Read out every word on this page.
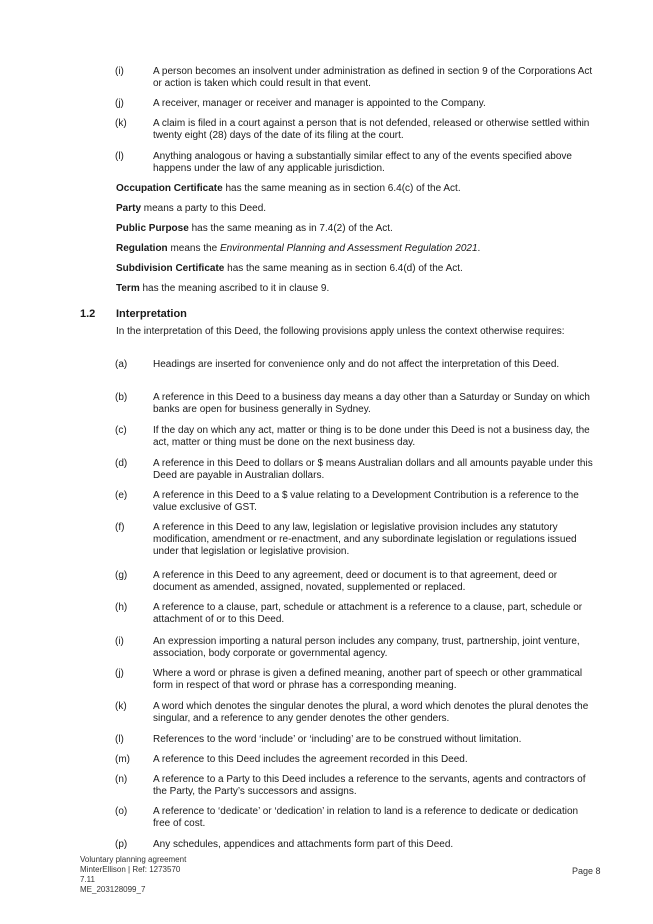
(i)	A person becomes an insolvent under administration as defined in section 9 of the Corporations Act or action is taken which could result in that event.
(j)	A receiver, manager or receiver and manager is appointed to the Company.
(k)	A claim is filed in a court against a person that is not defended, released or otherwise settled within twenty eight (28) days of the date of its filing at the court.
(l)	Anything analogous or having a substantially similar effect to any of the events specified above happens under the law of any applicable jurisdiction.
Occupation Certificate has the same meaning as in section 6.4(c) of the Act.
Party means a party to this Deed.
Public Purpose has the same meaning as in 7.4(2) of the Act.
Regulation means the Environmental Planning and Assessment Regulation 2021.
Subdivision Certificate has the same meaning as in section 6.4(d) of the Act.
Term has the meaning ascribed to it in clause 9.
1.2 Interpretation
In the interpretation of this Deed, the following provisions apply unless the context otherwise requires:
(a)	Headings are inserted for convenience only and do not affect the interpretation of this Deed.
(b)	A reference in this Deed to a business day means a day other than a Saturday or Sunday on which banks are open for business generally in Sydney.
(c)	If the day on which any act, matter or thing is to be done under this Deed is not a business day, the act, matter or thing must be done on the next business day.
(d)	A reference in this Deed to dollars or $ means Australian dollars and all amounts payable under this Deed are payable in Australian dollars.
(e)	A reference in this Deed to a $ value relating to a Development Contribution is a reference to the value exclusive of GST.
(f)	A reference in this Deed to any law, legislation or legislative provision includes any statutory modification, amendment or re-enactment, and any subordinate legislation or regulations issued under that legislation or legislative provision.
(g)	A reference in this Deed to any agreement, deed or document is to that agreement, deed or document as amended, assigned, novated, supplemented or replaced.
(h)	A reference to a clause, part, schedule or attachment is a reference to a clause, part, schedule or attachment of or to this Deed.
(i)	An expression importing a natural person includes any company, trust, partnership, joint venture, association, body corporate or governmental agency.
(j)	Where a word or phrase is given a defined meaning, another part of speech or other grammatical form in respect of that word or phrase has a corresponding meaning.
(k)	A word which denotes the singular denotes the plural, a word which denotes the plural denotes the singular, and a reference to any gender denotes the other genders.
(l)	References to the word ‘include’ or ‘including’ are to be construed without limitation.
(m)	A reference to this Deed includes the agreement recorded in this Deed.
(n)	A reference to a Party to this Deed includes a reference to the servants, agents and contractors of the Party, the Party’s successors and assigns.
(o)	A reference to ‘dedicate’ or ‘dedication’ in relation to land is a reference to dedicate or dedication free of cost.
(p)	Any schedules, appendices and attachments form part of this Deed.
Voluntary planning agreement
MinterEllison | Ref: 1273570
7.11
ME_203128099_7
Page 8
